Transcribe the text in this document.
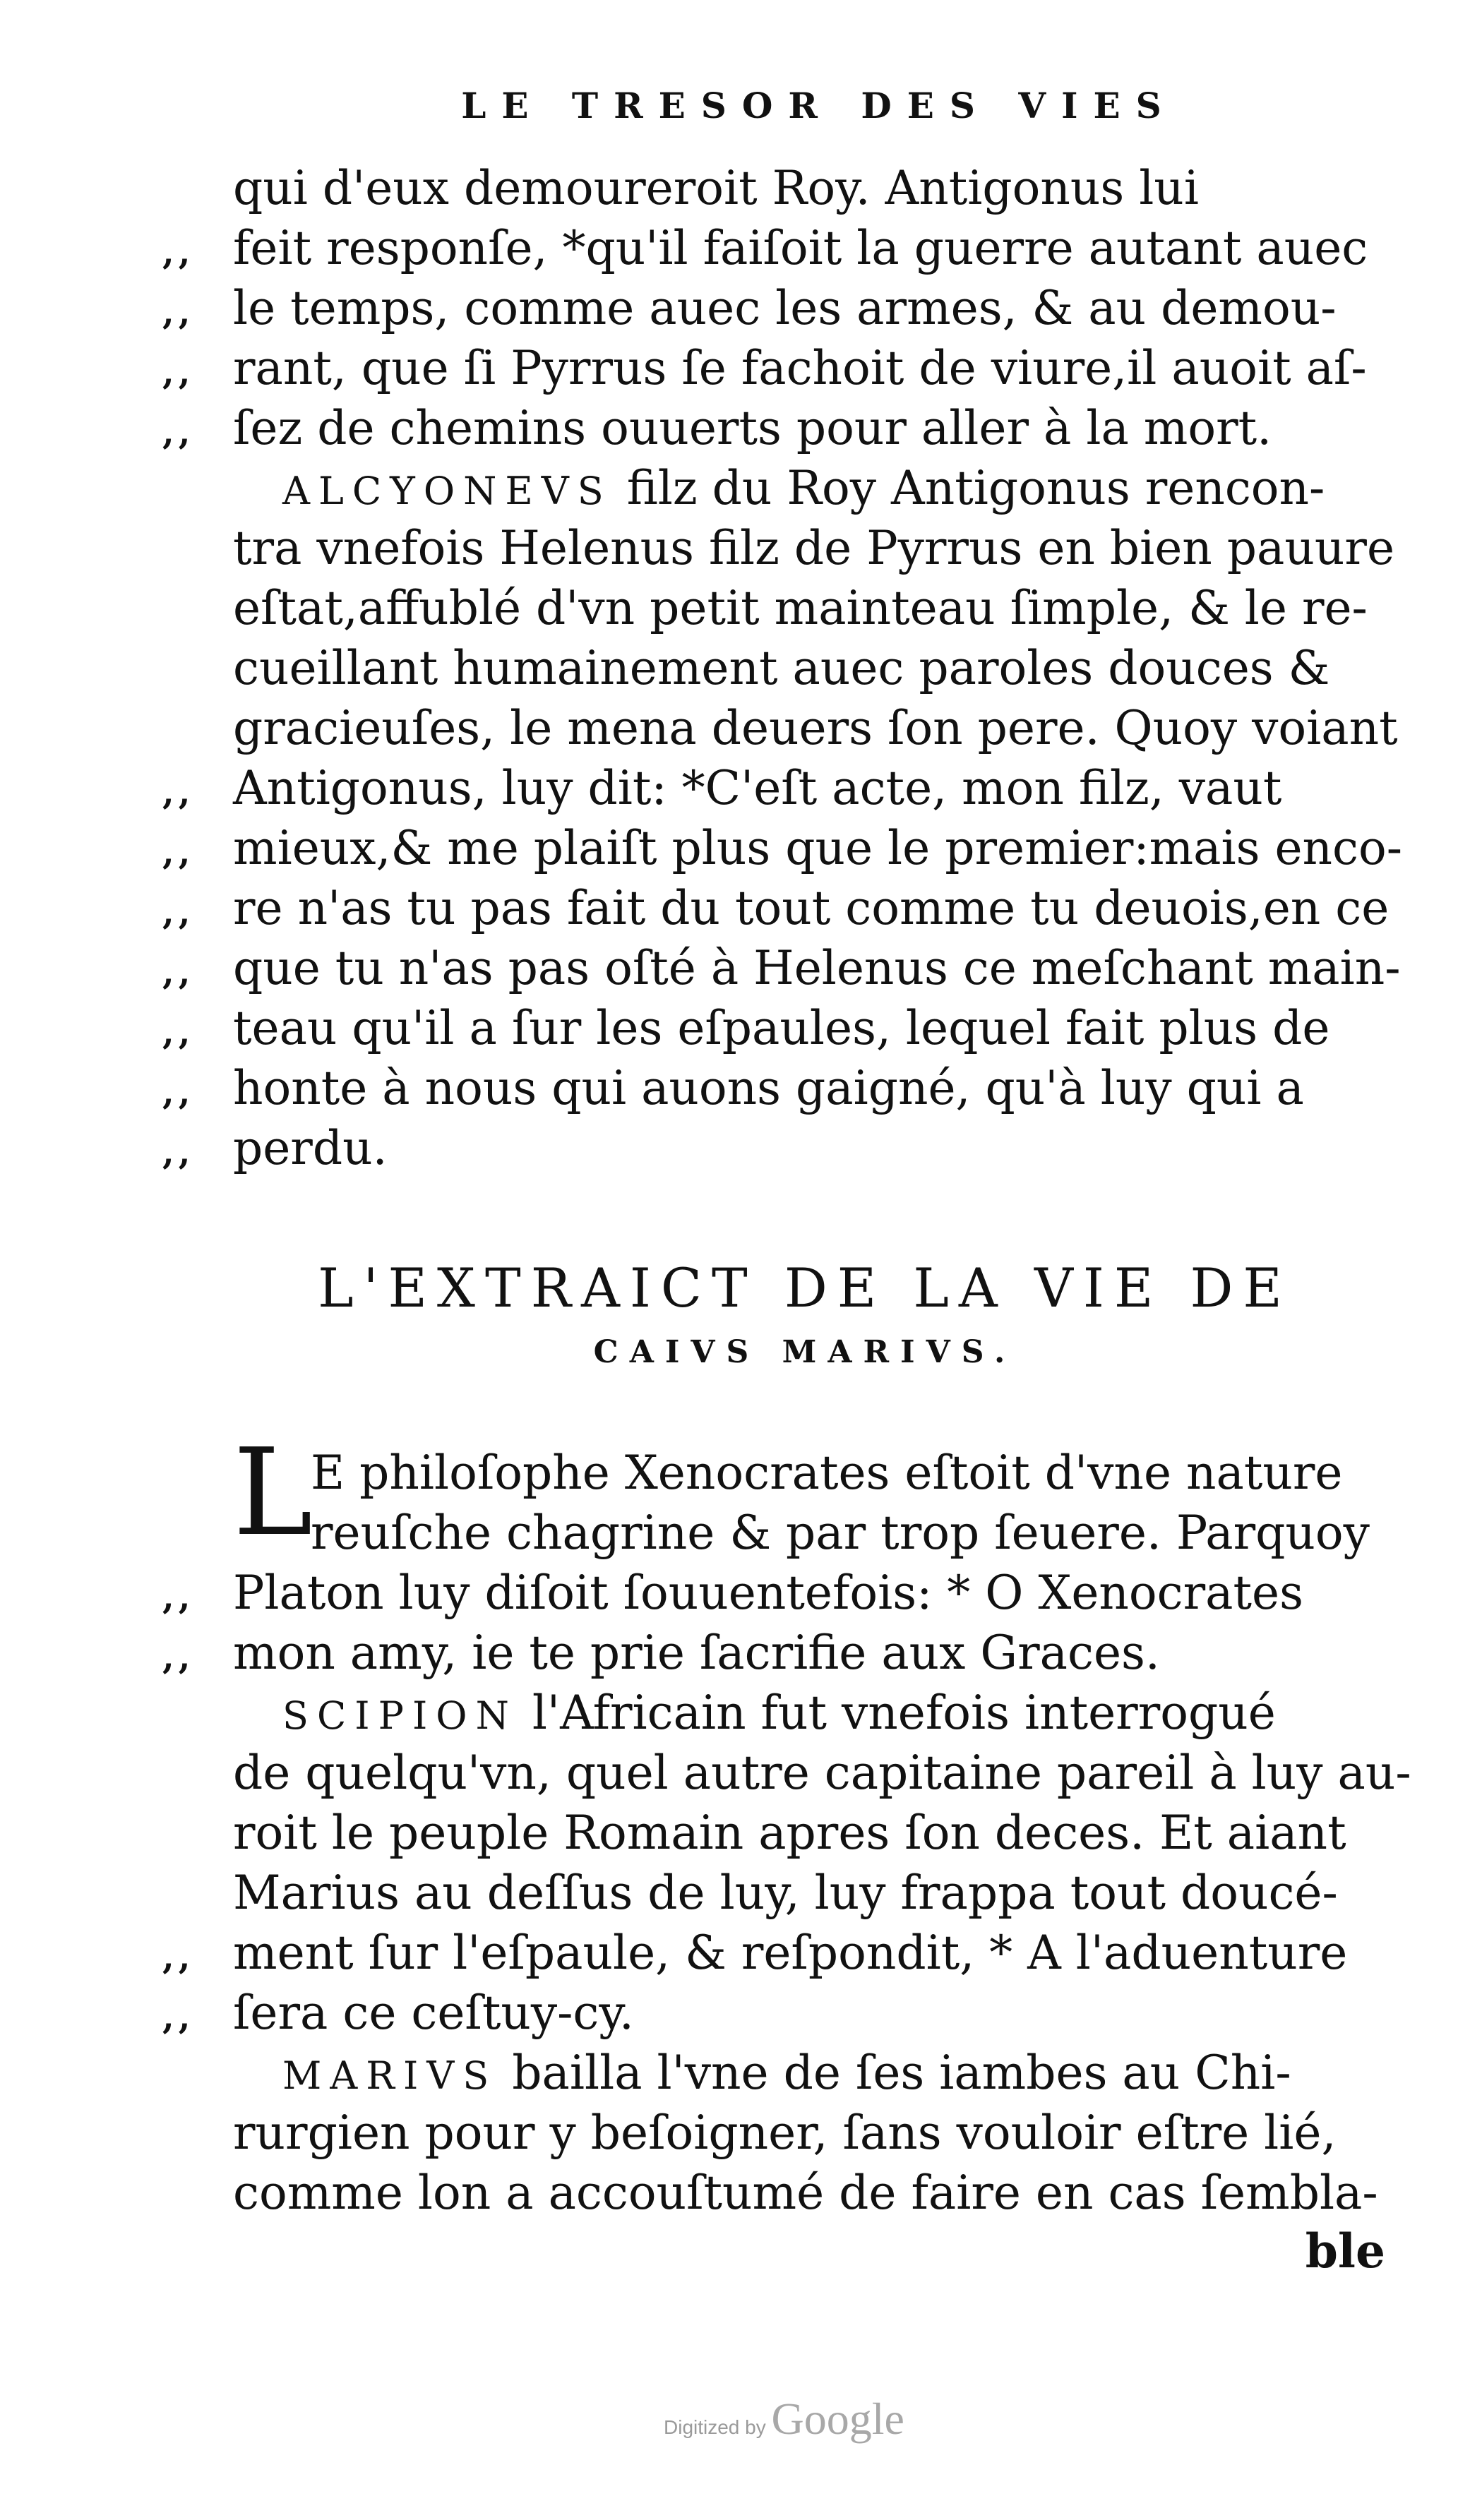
LE TRESOR DES VIES
qui d'eux demoureroit Roy. Antigonus lui
feit responſe, *qu'il faiſoit la guerre autant auec
le temps, comme auec les armes, & au demou-
rant, que ſi Pyrrus ſe fachoit de viure,il auoit aſ-
ſez de chemins ouuerts pour aller à la mort.
ALCYONEVS filz du Roy Antigonus rencon-
tra vnefois Helenus filz de Pyrrus en bien pauure
eſtat,affublé d'vn petit mainteau ſimple, & le re-
cueillant humainement auec paroles douces &
gracieuſes, le mena deuers ſon pere. Quoy voiant
Antigonus, luy dit: *C'eſt acte, mon filz, vaut
mieux,& me plaiſt plus que le premier:mais enco-
re n'as tu pas fait du tout comme tu deuois,en ce
que tu n'as pas oſté à Helenus ce meſchant main-
teau qu'il a ſur les eſpaules, lequel fait plus de
honte à nous qui auons gaigné, qu'à luy qui a
perdu.
,,
,,
,,
,,
,,
,,
,,
,,
,,
,,
,,
L'EXTRAICT DE LA VIE DE
CAIVS MARIVS.
L
E philoſophe Xenocrates eſtoit d'vne nature
reuſche chagrine & par trop ſeuere. Parquoy
Platon luy diſoit ſouuentefois: * O Xenocrates
mon amy, ie te prie ſacrifie aux Graces.
SCIPION l'Africain fut vnefois interrogué
de quelqu'vn, quel autre capitaine pareil à luy au-
roit le peuple Romain apres ſon deces. Et aiant
Marius au deſſus de luy, luy frappa tout doucé-
ment ſur l'eſpaule, & reſpondit, * A l'aduenture
ſera ce ceſtuy-cy.
MARIVS bailla l'vne de ſes iambes au Chi-
rurgien pour y beſoigner, ſans vouloir eſtre lié,
comme lon a accouſtumé de faire en cas ſembla-
,,
,,
,,
,,
ble
Digitized by Google
